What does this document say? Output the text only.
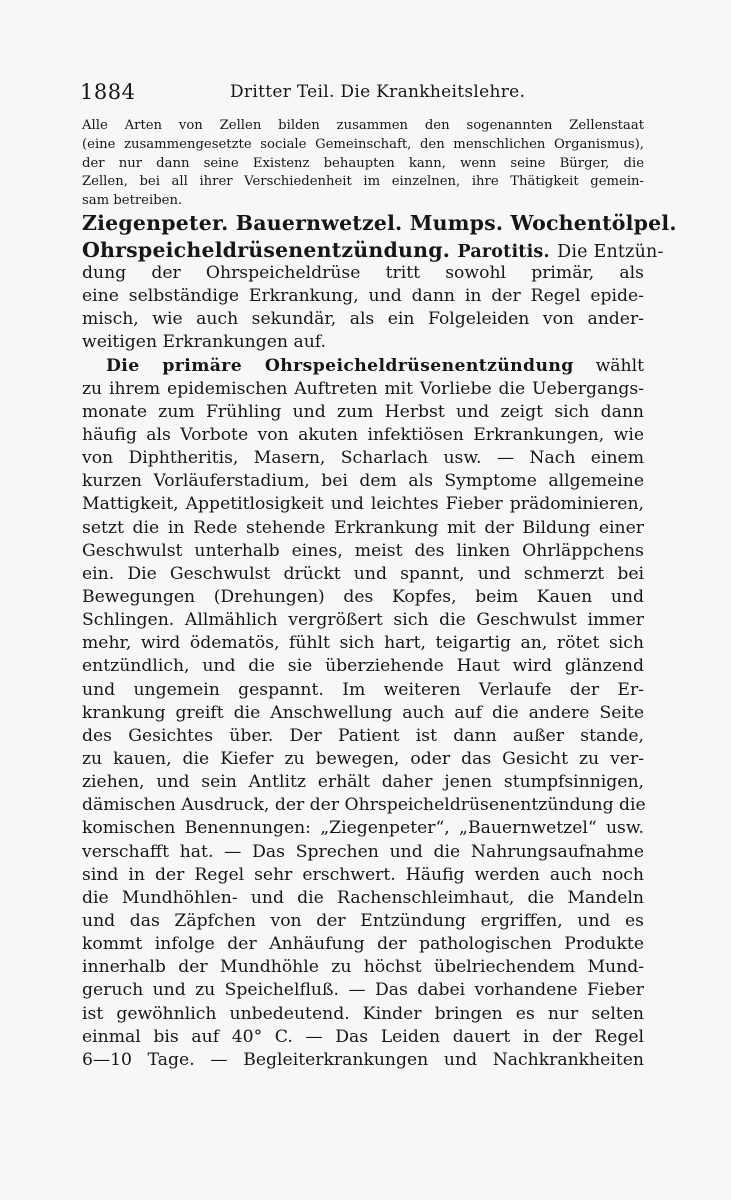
1884	Dritter Teil. Die Krankheitslehre.
Alle Arten von Zellen bilden zusammen den sogenannten Zellenstaat
(eine zusammengesetzte sociale Gemeinschaft, den menschlichen Organismus),
der nur dann seine Existenz behaupten kann, wenn seine Bürger, die
Zellen, bei all ihrer Verschiedenheit im einzelnen, ihre Thätigkeit gemein-
sam betreiben.
Ziegenpeter. Bauernwetzel. Mumps. Wochentölpel.
Ohrspeicheldrüsenentzündung. Parotitis. Die Entzün-
dung der Ohrspeicheldrüse tritt sowohl primär, als
eine selbständige Erkrankung, und dann in der Regel epide-
misch, wie auch sekundär, als ein Folgeleiden von ander-
weitigen Erkrankungen auf.
Die primäre Ohrspeicheldrüsenentzündung wählt
zu ihrem epidemischen Auftreten mit Vorliebe die Uebergangs-
monate zum Frühling und zum Herbst und zeigt sich dann
häufig als Vorbote von akuten infektiösen Erkrankungen, wie
von Diphtheritis, Masern, Scharlach usw. — Nach einem
kurzen Vorläuferstadium, bei dem als Symptome allgemeine
Mattigkeit, Appetitlosigkeit und leichtes Fieber prädominieren,
setzt die in Rede stehende Erkrankung mit der Bildung einer
Geschwulst unterhalb eines, meist des linken Ohrläppchens
ein. Die Geschwulst drückt und spannt, und schmerzt bei
Bewegungen (Drehungen) des Kopfes, beim Kauen und
Schlingen. Allmählich vergrößert sich die Geschwulst immer
mehr, wird ödematös, fühlt sich hart, teigartig an, rötet sich
entzündlich, und die sie überziehende Haut wird glänzend
und ungemein gespannt. Im weiteren Verlaufe der Er-
krankung greift die Anschwellung auch auf die andere Seite
des Gesichtes über. Der Patient ist dann außer stande,
zu kauen, die Kiefer zu bewegen, oder das Gesicht zu ver-
ziehen, und sein Antlitz erhält daher jenen stumpfsinnigen,
dämischen Ausdruck, der der Ohrspeicheldrüsenentzündung die
komischen Benennungen: „Ziegenpeter“, „Bauernwetzel“ usw.
verschafft hat. — Das Sprechen und die Nahrungsaufnahme
sind in der Regel sehr erschwert. Häufig werden auch noch
die Mundhöhlen- und die Rachenschleimhaut, die Mandeln
und das Zäpfchen von der Entzündung ergriffen, und es
kommt infolge der Anhäufung der pathologischen Produkte
innerhalb der Mundhöhle zu höchst übelriechendem Mund-
geruch und zu Speichelfluß. — Das dabei vorhandene Fieber
ist gewöhnlich unbedeutend. Kinder bringen es nur selten
einmal bis auf 40° C. — Das Leiden dauert in der Regel
6—10 Tage. — Begleiterkrankungen und Nachkrankheiten
